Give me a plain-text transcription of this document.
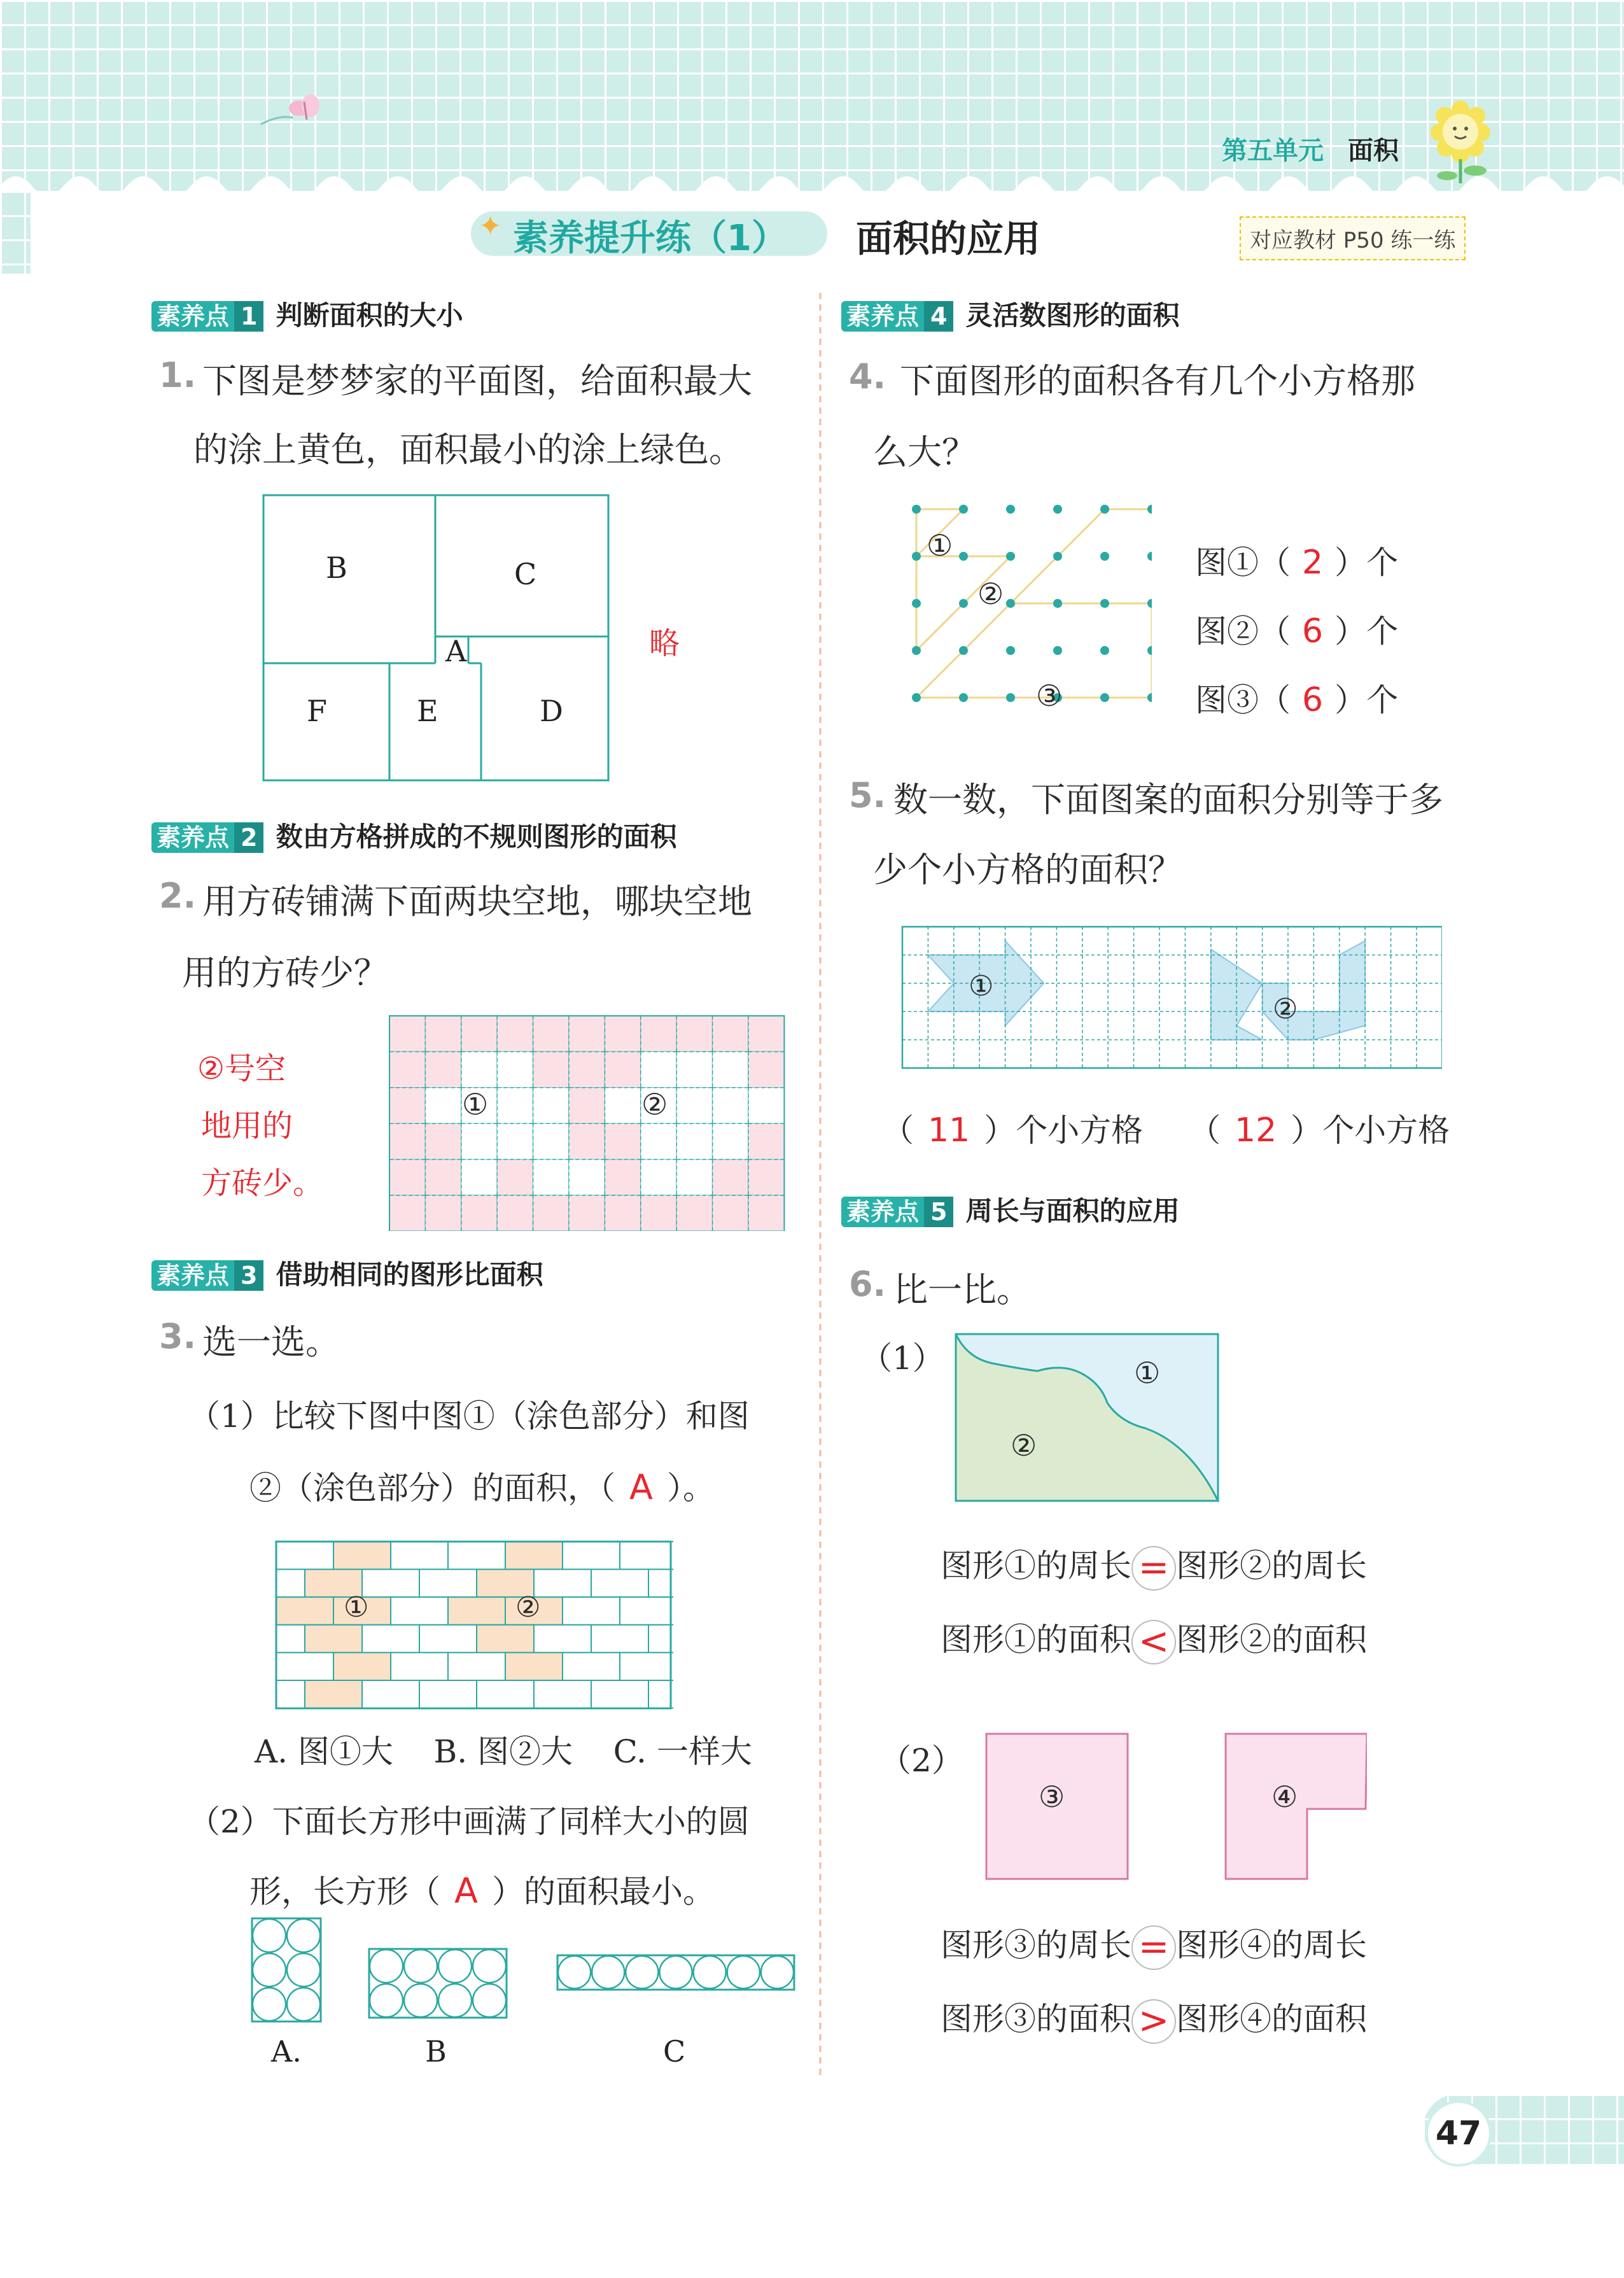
第五单元 面积
✦ 素养提升练（1） 面积的应用	对应教材 P50 练一练
素养点 1 判断面积的大小
1. 下图是梦梦家的平面图，给面积最大
的涂上黄色，面积最小的涂上绿色。
B	C
A
F	E	D
略
素养点 2 数由方格拼成的不规则图形的面积
2. 用方砖铺满下面两块空地，哪块空地
用的方砖少？
①	②
②号空
地用的
方砖少。
素养点 3 借助相同的图形比面积
3. 选一选。
（1）比较下图中图①（涂色部分）和图
②（涂色部分）的面积，（ A ）。
①	②
A. 图①大    B. 图②大    C. 一样大
（2）下面长方形中画满了同样大小的圆
形，长方形（ A ）的面积最小。
A.	B	C
素养点 4 灵活数图形的面积
4. 下面图形的面积各有几个小方格那
么大？
①
②
③
图①（ 2 ）个
图②（ 6 ）个
图③（ 6 ）个
5. 数一数，下面图案的面积分别等于多
少个小方格的面积？
①
②
（ 11 ）个小方格 （ 12 ）个小方格
素养点 5 周长与面积的应用
6. 比一比。
（1）	①
②
图形①的周长 = 图形②的周长
图形①的面积 < 图形②的面积
（2）
③	④
图形③的周长 = 图形④的周长
图形③的面积 > 图形④的面积
47
